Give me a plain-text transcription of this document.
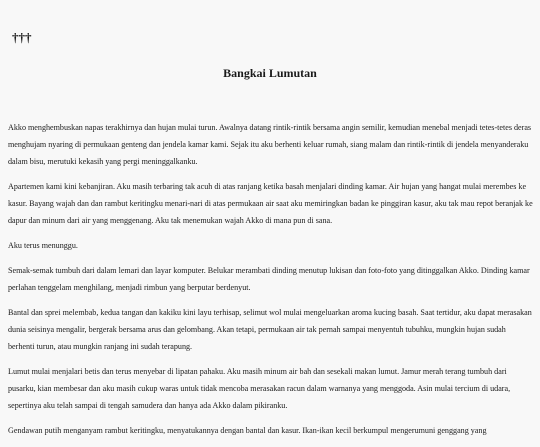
†††
Bangkai Lumutan

Akko menghembuskan napas terakhirnya dan hujan mulai turun. Awalnya datang rintik-rintik bersama angin semilir, kemudian menebal menjadi tetes-tetes deras menghujam nyaring di permukaan genteng dan jendela kamar kami. Sejak itu aku berhenti keluar rumah, siang malam dan rintik-rintik di jendela menyanderaku dalam bisu, merutuki kekasih yang pergi meninggalkanku.

Apartemen kami kini kebanjiran. Aku masih terbaring tak acuh di atas ranjang ketika basah menjalari dinding kamar. Air hujan yang hangat mulai merembes ke kasur. Bayang wajah dan dan rambut keritingku menari-nari di atas permukaan air saat aku memiringkan badan ke pinggiran kasur, aku tak mau repot beranjak ke dapur dan minum dari air yang menggenang. Aku tak menemukan wajah Akko di mana pun di sana.

Aku terus menunggu.

Semak-semak tumbuh dari dalam lemari dan layar komputer. Belukar merambati dinding menutup lukisan dan foto-foto yang ditinggalkan Akko. Dinding kamar perlahan tenggelam menghilang, menjadi rimbun yang berputar berdenyut.

Bantal dan sprei melembab, kedua tangan dan kakiku kini layu terhisap, selimut wol mulai mengeluarkan aroma kucing basah. Saat tertidur, aku dapat merasakan dunia seisinya mengalir, bergerak bersama arus dan gelombang. Akan tetapi, permukaan air tak pernah sampai menyentuh tubuhku, mungkin hujan sudah berhenti turun, atau mungkin ranjang ini sudah terapung.

Lumut mulai menjalari betis dan terus menyebar di lipatan pahaku. Aku masih minum air bah dan sesekali makan lumut. Jamur merah terang tumbuh dari pusarku, kian membesar dan aku masih cukup waras untuk tidak mencoba merasakan racun dalam warnanya yang menggoda. Asin mulai tercium di udara, sepertinya aku telah sampai di tengah samudera dan hanya ada Akko dalam pikiranku.

Gendawan putih menganyam rambut keritingku, menyatukannya dengan bantal dan kasur. Ikan-ikan kecil berkumpul mengerumuni genggang yang
